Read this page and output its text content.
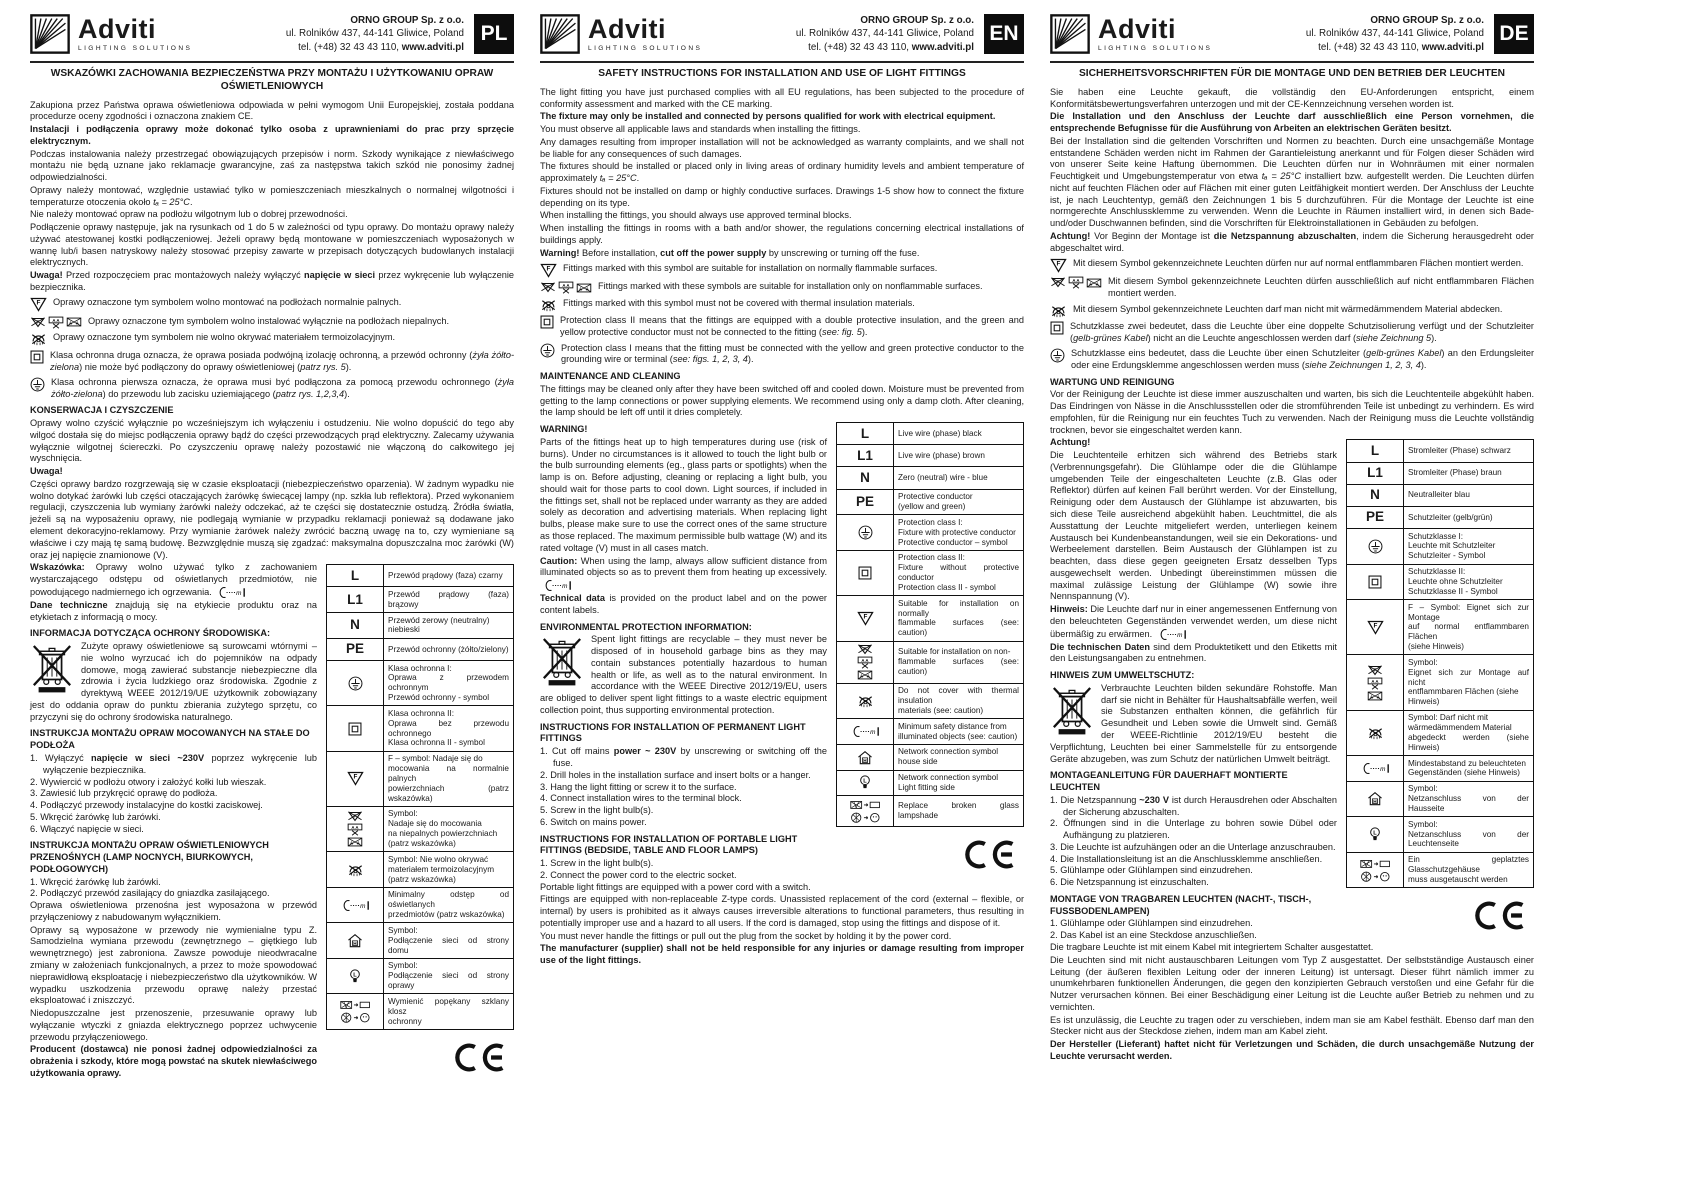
Adviti
LIGHTING SOLUTIONS
ORNO GROUP Sp. z o.o.
ul. Rolników 437, 44-141 Gliwice, Poland
tel. (+48) 32 43 43 110, www.adviti.pl
PL
WSKAZÓWKI ZACHOWANIA BEZPIECZEŃSTWA PRZY MONTAŻU I UŻYTKOWANIU OPRAW OŚWIETLENIOWYCH

Zakupiona przez Państwa oprawa oświetleniowa odpowiada w pełni wymogom Unii Europejskiej, została poddana procedurze oceny zgodności i oznaczona znakiem CE.

Instalacji i podłączenia oprawy może dokonać tylko osoba z uprawnieniami do prac przy sprzęcie elektrycznym.

Podczas instalowania należy przestrzegać obowiązujących przepisów i norm. Szkody wynikające z niewłaściwego montażu nie będą uznane jako reklamacje gwarancyjne, zaś za następstwa takich szkód nie ponosimy żadnej odpowiedzialności.

Oprawy należy montować, względnie ustawiać tylko w pomieszczeniach mieszkalnych o normalnej wilgotności i temperaturze otoczenia około tₐ = 25°C.

Nie należy montować opraw na podłożu wilgotnym lub o dobrej przewodności.

Podłączenie oprawy następuje, jak na rysunkach od 1 do 5 w zależności od typu oprawy. Do montażu oprawy należy używać atestowanej kostki podłączeniowej. Jeżeli oprawy będą montowane w pomieszczeniach wyposażonych w wannę lub/i basen natryskowy należy stosować przepisy zawarte w przepisach dotyczących budowlanych instalacji elektrycznych.

Uwaga! Przed rozpoczęciem prac montażowych należy wyłączyć napięcie w sieci przez wykręcenie lub wyłączenie bezpiecznika.

F Oprawy oznaczone tym symbolem wolno montować na podłożach normalnie palnych.
F
A A
A A Oprawy oznaczone tym symbolem wolno instalować wyłącznie na podłożach niepalnych.
Oprawy oznaczone tym symbolem nie wolno okrywać materiałem termoizolacyjnym.
Klasa ochronna druga oznacza, że oprawa posiada podwójną izolację ochronną, a przewód ochronny (żyła żółto-zielona) nie może być podłączony do oprawy oświetleniowej (patrz rys. 5).
Klasa ochronna pierwsza oznacza, że oprawa musi być podłączona za pomocą przewodu ochronnego (żyła żółto-zielona) do przewodu lub zacisku uziemiającego (patrz rys. 1,2,3,4).

KONSERWACJA I CZYSZCZENIE

Oprawy wolno czyścić wyłącznie po wcześniejszym ich wyłączeniu i ostudzeniu. Nie wolno dopuścić do tego aby wilgoć dostała się do miejsc podłączenia oprawy bądź do części przewodzących prąd elektryczny. Zalecamy używania wyłącznie wilgotnej ściereczki. Po czyszczeniu oprawę należy pozostawić nie włączoną do całkowitego jej wyschnięcia.

Uwaga!

Części oprawy bardzo rozgrzewają się w czasie eksploatacji (niebezpieczeństwo oparzenia). W żadnym wypadku nie wolno dotykać żarówki lub części otaczających żarówkę świecącej lampy (np. szkła lub reflektora). Przed wykonaniem regulacji, czyszczenia lub wymiany żarówki należy odczekać, aż te części się dostatecznie ostudzą. Źródła światła, jeżeli są na wyposażeniu oprawy, nie podlegają wymianie w przypadku reklamacji ponieważ są dodawane jako element dekoracyjno-reklamowy. Przy wymianie żarówek należy zwrócić baczną uwagę na to, czy wymieniane są właściwe i czy mają tę samą budowę. Bezwzględnie muszą się zgadzać: maksymalna dopuszczalna moc żarówki (W) oraz jej napięcie znamionowe (V).

L	Przewód prądowy (faza) czarny
L1	Przewód prądowy (faza) brązowy
N	Przewód zerowy (neutralny)
niebieski
PE	Przewód ochronny (żółto/zielony)

	Klasa ochronna I:
Oprawa z przewodem ochronnym
Przewód ochronny - symbol

	Klasa ochronna II:
Oprawa bez przewodu ochronnego
Klasa ochronna II - symbol

F	F – symbol: Nadaje się do
mocowania na normalnie palnych
powierzchniach (patrz wskazówka)

F
A A
A A	Symbol:
Nadaje się do mocowania
na niepalnych powierzchniach
(patrz wskazówka)

	Symbol: Nie wolno okrywać
materiałem termoizolacyjnym
(patrz wskazówka)

m	Minimalny odstęp od oświetlanych
przedmiotów (patrz wskazówka)

H	Symbol:
Podłączenie sieci od strony domu

L	Symbol:
Podłączenie sieci od strony oprawy

	Wymienić popękany szklany klosz
ochronny

Wskazówka: Oprawy wolno używać tylko z zachowaniem wystarczającego odstępu od oświetlanych przedmiotów, nie powodującego nadmiernego ich ogrzewania. m

Dane techniczne znajdują się na etykiecie produktu oraz na etykietach z informacją o mocy.

INFORMACJA DOTYCZĄCA OCHRONY ŚRODOWISKA:

Zużyte oprawy oświetleniowe są surowcami wtórnymi – nie wolno wyrzucać ich do pojemników na odpady domowe, mogą zawierać substancje niebezpieczne dla zdrowia i życia ludzkiego oraz środowiska. Zgodnie z dyrektywą WEEE 2012/19/UE użytkownik zobowiązany jest do oddania opraw do punktu zbierania zużytego sprzętu, co przyczyni się do ochrony środowiska naturalnego.

INSTRUKCJA MONTAŻU OPRAW MOCOWANYCH NA STAŁE DO PODŁOŻA

1. Wyłączyć napięcie w sieci ~230V poprzez wykręcenie lub wyłączenie bezpiecznika.

2. Wywiercić w podłożu otwory i założyć kołki lub wieszak.

3. Zawiesić lub przykręcić oprawę do podłoża.

4. Podłączyć przewody instalacyjne do kostki zaciskowej.

5. Wkręcić żarówkę lub żarówki.

6. Włączyć napięcie w sieci.

INSTRUKCJA MONTAŻU OPRAW OŚWIETLENIOWYCH PRZENOŚNYCH (LAMP NOCNYCH, BIURKOWYCH, PODŁOGOWYCH)

1. Wkręcić żarówkę lub żarówki.

2. Podłączyć przewód zasilający do gniazdka zasilającego.

Oprawa oświetleniowa przenośna jest wyposażona w przewód przyłączeniowy z nabudowanym wyłącznikiem.

Oprawy są wyposażone w przewody nie wymienialne typu Z. Samodzielna wymiana przewodu (zewnętrznego – giętkiego lub wewnętrznego) jest zabroniona. Zawsze powoduje nieodwracalne zmiany w założeniach funkcjonalnych, a przez to może spowodować nieprawidłową eksploatację i niebezpieczeństwo dla użytkowników. W wypadku uszkodzenia przewodu oprawę należy przestać eksploatować i zniszczyć.

Niedopuszczalne jest przenoszenie, przesuwanie oprawy lub wyłączanie wtyczki z gniazda elektrycznego poprzez uchwycenie przewodu przyłączeniowego.

Producent (dostawca) nie ponosi żadnej odpowiedzialności za obrażenia i szkody, które mogą powstać na skutek niewłaściwego użytkowania oprawy.

Adviti
LIGHTING SOLUTIONS
ORNO GROUP Sp. z o.o.
ul. Rolników 437, 44-141 Gliwice, Poland
tel. (+48) 32 43 43 110, www.adviti.pl
EN
SAFETY INSTRUCTIONS FOR INSTALLATION AND USE OF LIGHT FITTINGS

The light fitting you have just purchased complies with all EU regulations, has been subjected to the procedure of conformity assessment and marked with the CE marking.

The fixture may only be installed and connected by persons qualified for work with electrical equipment.

You must observe all applicable laws and standards when installing the fittings.

Any damages resulting from improper installation will not be acknowledged as warranty complaints, and we shall not be liable for any consequences of such damages.

The fixtures should be installed or placed only in living areas of ordinary humidity levels and ambient temperature of approximately tₐ = 25°C.

Fixtures should not be installed on damp or highly conductive surfaces. Drawings 1-5 show how to connect the fixture depending on its type.

When installing the fittings, you should always use approved terminal blocks.

When installing the fittings in rooms with a bath and/or shower, the regulations concerning electrical installations of buildings apply.

Warning! Before installation, cut off the power supply by unscrewing or turning off the fuse.

F Fittings marked with this symbol are suitable for installation on normally flammable surfaces.
F
A A
A A Fittings marked with these symbols are suitable for installation only on nonflammable surfaces.
Fittings marked with this symbol must not be covered with thermal insulation materials.
Protection class II means that the fittings are equipped with a double protective insulation, and the green and yellow protective conductor must not be connected to the fitting (see: fig. 5).
Protection class I means that the fitting must be connected with the yellow and green protective conductor to the grounding wire or terminal (see: figs. 1, 2, 3, 4).

MAINTENANCE AND CLEANING

The fittings may be cleaned only after they have been switched off and cooled down. Moisture must be prevented from getting to the lamp connections or power supplying elements. We recommend using only a damp cloth. After cleaning, the lamp should be left off until it dries completely.

L	Live wire (phase) black
L1	Live wire (phase) brown
N	Zero (neutral) wire - blue
PE	Protective conductor
(yellow and green)

	Protection class I:
Fixture with protective conductor
Protective conductor – symbol

	Protection class II:
Fixture without protective conductor
Protection class II - symbol

F	Suitable for installation on normally
flammable surfaces (see: caution)

F
A A
A A	Suitable for installation on non-
flammable surfaces (see: caution)

	Do not cover with thermal insulation
materials (see: caution)

m	Minimum safety distance from
illuminated objects (see: caution)

H	Network connection symbol
house side

L	Network connection symbol
Light fitting side

	Replace broken glass lampshade

WARNING!

Parts of the fittings heat up to high temperatures during use (risk of burns). Under no circumstances is it allowed to touch the light bulb or the bulb surrounding elements (eg., glass parts or spotlights) when the lamp is on. Before adjusting, cleaning or replacing a light bulb, you should wait for those parts to cool down. Light sources, if included in the fittings set, shall not be replaced under warranty as they are added solely as decoration and advertising materials. When replacing light bulbs, please make sure to use the correct ones of the same structure as those replaced. The maximum permissible bulb wattage (W) and its rated voltage (V) must in all cases match.

Caution: When using the lamp, always allow sufficient distance from illuminated objects so as to prevent them from heating up excessively.
m

Technical data is provided on the product label and on the power content labels.

ENVIRONMENTAL PROTECTION INFORMATION:

Spent light fittings are recyclable – they must never be disposed of in household garbage bins as they may contain substances potentially hazardous to human health or life, as well as to the natural environment. In accordance with the WEEE Directive 2012/19/EU, users are obliged to deliver spent light fittings to a waste electric equipment collection point, thus supporting environmental protection.

INSTRUCTIONS FOR INSTALLATION OF PERMANENT LIGHT FITTINGS

1. Cut off mains power ~ 230V by unscrewing or switching off the fuse.

2. Drill holes in the installation surface and insert bolts or a hanger.

3. Hang the light fitting or screw it to the surface.

4. Connect installation wires to the terminal block.

5. Screw in the light bulb(s).

6. Switch on mains power.

INSTRUCTIONS FOR INSTALLATION OF PORTABLE LIGHT FITTINGS (BEDSIDE, TABLE AND FLOOR LAMPS)

1. Screw in the light bulb(s).

2. Connect the power cord to the electric socket.

Portable light fittings are equipped with a power cord with a switch.

Fittings are equipped with non-replaceable Z-type cords. Unassisted replacement of the cord (external – flexible, or internal) by users is prohibited as it always causes irreversible alterations to functional parameters, thus resulting in potentially improper use and a hazard to all users. If the cord is damaged, stop using the fittings and dispose of it.

You must never handle the fittings or pull out the plug from the socket by holding it by the power cord.

The manufacturer (supplier) shall not be held responsible for any injuries or damage resulting from improper use of the light fittings.

Adviti
LIGHTING SOLUTIONS
ORNO GROUP Sp. z o.o.
ul. Rolników 437, 44-141 Gliwice, Poland
tel. (+48) 32 43 43 110, www.adviti.pl
DE
SICHERHEITSVORSCHRIFTEN FÜR DIE MONTAGE UND DEN BETRIEB DER LEUCHTEN

Sie haben eine Leuchte gekauft, die vollständig den EU-Anforderungen entspricht, einem Konformitätsbewertungsverfahren unterzogen und mit der CE-Kennzeichnung versehen worden ist.

Die Installation und den Anschluss der Leuchte darf ausschließlich eine Person vornehmen, die entsprechende Befugnisse für die Ausführung von Arbeiten an elektrischen Geräten besitzt.

Bei der Installation sind die geltenden Vorschriften und Normen zu beachten. Durch eine unsachgemäße Montage entstandene Schäden werden nicht im Rahmen der Garantieleistung anerkannt und für Folgen dieser Schäden wird von unserer Seite keine Haftung übernommen. Die Leuchten dürfen nur in Wohnräumen mit einer normalen Feuchtigkeit und Umgebungstemperatur von etwa tₐ = 25°C installiert bzw. aufgestellt werden. Die Leuchten dürfen nicht auf feuchten Flächen oder auf Flächen mit einer guten Leitfähigkeit montiert werden. Der Anschluss der Leuchte ist, je nach Leuchtentyp, gemäß den Zeichnungen 1 bis 5 durchzuführen. Für die Montage der Leuchte ist eine normgerechte Anschlussklemme zu verwenden. Wenn die Leuchte in Räumen installiert wird, in denen sich Bade- und/oder Duschwannen befinden, sind die Vorschriften für Elektroinstallationen in Gebäuden zu befolgen.

Achtung! Vor Beginn der Montage ist die Netzspannung abzuschalten, indem die Sicherung herausgedreht oder abgeschaltet wird.

F Mit diesem Symbol gekennzeichnete Leuchten dürfen nur auf normal entflammbaren Flächen montiert werden.
F
A A
A A Mit diesem Symbol gekennzeichnete Leuchten dürfen ausschließlich auf nicht entflammbaren Flächen montiert werden.
Mit diesem Symbol gekennzeichnete Leuchten darf man nicht mit wärmedämmendem Material abdecken.
Schutzklasse zwei bedeutet, dass die Leuchte über eine doppelte Schutzisolierung verfügt und der Schutzleiter (gelb-grünes Kabel) nicht an die Leuchte angeschlossen werden darf (siehe Zeichnung 5).
Schutzklasse eins bedeutet, dass die Leuchte über einen Schutzleiter (gelb-grünes Kabel) an den Erdungsleiter oder eine Erdungsklemme angeschlossen werden muss (siehe Zeichnungen 1, 2, 3, 4).

WARTUNG UND REINIGUNG

Vor der Reinigung der Leuchte ist diese immer auszuschalten und warten, bis sich die Leuchtenteile abgekühlt haben. Das Eindringen von Nässe in die Anschlussstellen oder die stromführenden Teile ist unbedingt zu verhindern. Es wird empfohlen, für die Reinigung nur ein feuchtes Tuch zu verwenden. Nach der Reinigung muss die Leuchte vollständig trocknen, bevor sie eingeschaltet werden kann.

L	Stromleiter (Phase) schwarz
L1	Stromleiter (Phase) braun
N	Neutralleiter blau
PE	Schutzleiter (gelb/grün)

	Schutzklasse I:
Leuchte mit Schutzleiter
Schutzleiter - Symbol

	Schutzklasse II:
Leuchte ohne Schutzleiter
Schutzklasse II - Symbol

F	F – Symbol: Eignet sich zur Montage
auf normal entflammbaren Flächen
(siehe Hinweis)

F
A A
A A	Symbol:
Eignet sich zur Montage auf nicht
entflammbaren Flächen (siehe
Hinweis)

	Symbol: Darf nicht mit
wärmedämmendem Material
abgedeckt werden (siehe Hinweis)

m	Mindestabstand zu beleuchteten
Gegenständen (siehe Hinweis)

H	Symbol:
Netzanschluss von der Hausseite

L	Symbol:
Netzanschluss von der Leuchtenseite

	Ein geplatztes Glasschutzgehäuse
muss ausgetauscht werden

Achtung!

Die Leuchtenteile erhitzen sich während des Betriebs stark (Verbrennungsgefahr). Die Glühlampe oder die die Glühlampe umgebenden Teile der eingeschalteten Leuchte (z.B. Glas oder Reflektor) dürfen auf keinen Fall berührt werden. Vor der Einstellung, Reinigung oder dem Austausch der Glühlampe ist abzuwarten, bis sich diese Teile ausreichend abgekühlt haben. Leuchtmittel, die als Ausstattung der Leuchte mitgeliefert werden, unterliegen keinem Austausch bei Kundenbeanstandungen, weil sie ein Dekorations- und Werbeelement darstellen. Beim Austausch der Glühlampen ist zu beachten, dass diese gegen geeigneten Ersatz desselben Typs ausgewechselt werden. Unbedingt übereinstimmen müssen die maximal zulässige Leistung der Glühlampe (W) sowie ihre Nennspannung (V).

Hinweis: Die Leuchte darf nur in einer angemessenen Entfernung von den beleuchteten Gegenständen verwendet werden, um diese nicht übermäßig zu erwärmen. m

Die technischen Daten sind dem Produktetikett und den Etiketts mit den Leistungsangaben zu entnehmen.

HINWEIS ZUM UMWELTSCHUTZ:

Verbrauchte Leuchten bilden sekundäre Rohstoffe. Man darf sie nicht in Behälter für Haushaltsabfälle werfen, weil sie Substanzen enthalten können, die gefährlich für Gesundheit und Leben sowie die Umwelt sind. Gemäß der WEEE-Richtlinie 2012/19/EU besteht die Verpflichtung, Leuchten bei einer Sammelstelle für zu entsorgende Geräte abzugeben, was zum Schutz der natürlichen Umwelt beiträgt.

MONTAGEANLEITUNG FÜR DAUERHAFT MONTIERTE LEUCHTEN

1. Die Netzspannung ~230 V ist durch Herausdrehen oder Abschalten der Sicherung abzuschalten.

2. Öffnungen sind in die Unterlage zu bohren sowie Dübel oder Aufhängung zu platzieren.

3. Die Leuchte ist aufzuhängen oder an die Unterlage anzuschrauben.

4. Die Installationsleitung ist an die Anschlussklemme anschließen.

5. Glühlampe oder Glühlampen sind einzudrehen.

6. Die Netzspannung ist einzuschalten.

MONTAGE VON TRAGBAREN LEUCHTEN (NACHT-, TISCH-, FUSSBODENLAMPEN)

1. Glühlampe oder Glühlampen sind einzudrehen.

2. Das Kabel ist an eine Steckdose anzuschließen.

Die tragbare Leuchte ist mit einem Kabel mit integriertem Schalter ausgestattet.

Die Leuchten sind mit nicht austauschbaren Leitungen vom Typ Z ausgestattet. Der selbstständige Austausch einer Leitung (der äußeren flexiblen Leitung oder der inneren Leitung) ist untersagt. Dieser führt nämlich immer zu unumkehrbaren funktionellen Änderungen, die gegen den konzipierten Gebrauch verstoßen und eine Gefahr für die Nutzer verursachen können. Bei einer Beschädigung einer Leitung ist die Leuchte außer Betrieb zu nehmen und zu vernichten.

Es ist unzulässig, die Leuchte zu tragen oder zu verschieben, indem man sie am Kabel festhält. Ebenso darf man den Stecker nicht aus der Steckdose ziehen, indem man am Kabel zieht.

Der Hersteller (Lieferant) haftet nicht für Verletzungen und Schäden, die durch unsachgemäße Nutzung der Leuchte verursacht werden.
